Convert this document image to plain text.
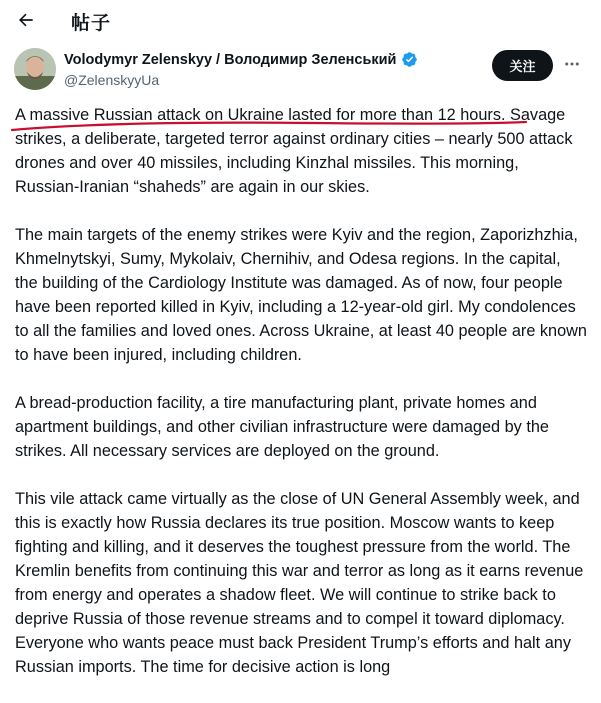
帖子
Volodymyr Zelenskyy / Володимир Зеленський
@ZelenskyyUa
关注

A massive Russian attack on Ukraine lasted for more than 12 hours. Savage strikes, a deliberate, targeted terror against ordinary cities – nearly 500 attack drones and over 40 missiles, including Kinzhal missiles. This morning, Russian-Iranian “shaheds” are again in our skies.

The main targets of the enemy strikes were Kyiv and the region, Zaporizhzhia, Khmelnytskyi, Sumy, Mykolaiv, Chernihiv, and Odesa regions. In the capital, the building of the Cardiology Institute was damaged. As of now, four people have been reported killed in Kyiv, including a 12-year-old girl. My condolences to all the families and loved ones. Across Ukraine, at least 40 people are known to have been injured, including children.

A bread-production facility, a tire manufacturing plant, private homes and apartment buildings, and other civilian infrastructure were damaged by the strikes. All necessary services are deployed on the ground.

This vile attack came virtually as the close of UN General Assembly week, and this is exactly how Russia declares its true position. Moscow wants to keep fighting and killing, and it deserves the toughest pressure from the world. The Kremlin benefits from continuing this war and terror as long as it earns revenue from energy and operates a shadow fleet. We will continue to strike back to deprive Russia of those revenue streams and to compel it toward diplomacy. Everyone who wants peace must back President Trump’s efforts and halt any Russian imports. The time for decisive action is long
